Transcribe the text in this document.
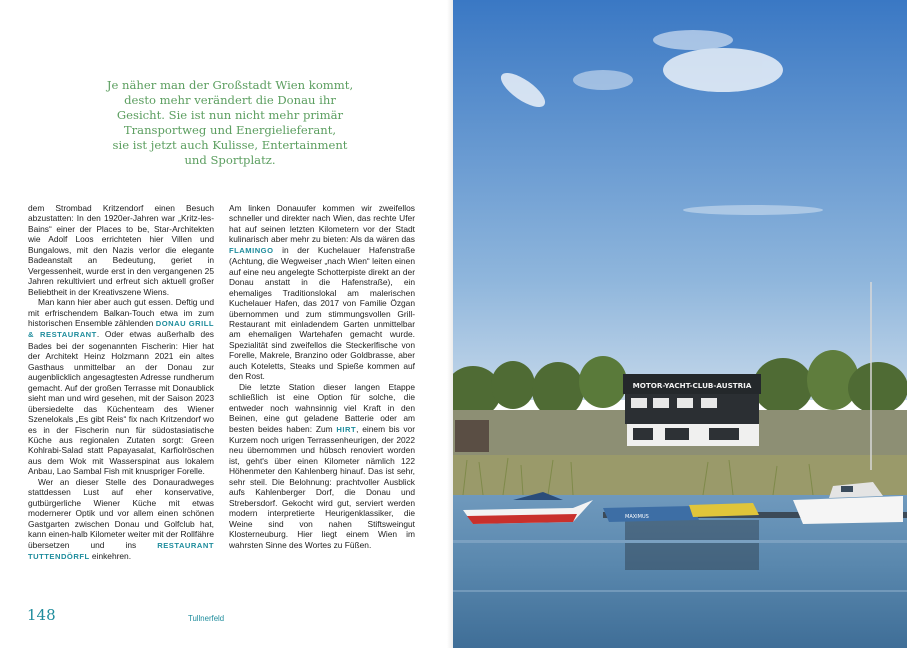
Je näher man der Großstadt Wien kommt,
desto mehr verändert die Donau ihr
Gesicht. Sie ist nun nicht mehr primär
Transportweg und Energielieferant,
sie ist jetzt auch Kulisse, Entertainment
und Sportplatz.

dem Strombad Kritzendorf einen Besuch abzustatten: In den 1920er-Jahren war „Kritz-les-Bains“ einer der Places to be, Star-Architekten wie Adolf Loos errichteten hier Villen und Bungalows, mit den Nazis verlor die elegante Badeanstalt an Bedeutung, geriet in Vergessenheit, wurde erst in den vergangenen 25 Jahren rekultiviert und erfreut sich aktuell großer Beliebtheit in der Kreativszene Wiens.

Man kann hier aber auch gut essen. Deftig und mit erfrischendem Balkan-Touch etwa im zum historischen Ensemble zählenden DONAU GRILL & RESTAURANT. Oder etwas außerhalb des Bades bei der sogenannten Fischerin: Hier hat der Architekt Heinz Holzmann 2021 ein altes Gasthaus unmittelbar an der Donau zur augenblicklich angesagtesten Adresse rundherum gemacht. Auf der großen Terrasse mit Donaublick sieht man und wird gesehen, mit der Saison 2023 übersiedelte das Küchenteam des Wiener Szenelokals „Es gibt Reis“ fix nach Kritzendorf wo es in der Fischerin nun für südostasiatische Küche aus regionalen Zutaten sorgt: Green Kohlrabi-Salad statt Papayasalat, Karfiolröschen aus dem Wok mit Wasserspinat aus lokalem Anbau, Lao Sambal Fish mit knuspriger Forelle.

Wer an dieser Stelle des Donauradweges stattdessen Lust auf eher konservative, gutbürgerliche Wiener Küche mit etwas modernerer Optik und vor allem einen schönen Gastgarten zwischen Donau und Golfclub hat, kann einen-halb Kilometer weiter mit der Rollfähre übersetzen und ins	RESTAURANT TUTTENDÖRFL einkehren.

Am linken Donauufer kommen wir zweifellos schneller und direkter nach Wien, das rechte Ufer hat auf seinen letzten Kilometern vor der Stadt kulinarisch aber mehr zu bieten: Als da wären das FLAMINGO in der Kuchelauer Hafenstraße (Achtung, die Wegweiser „nach Wien“ leiten einen auf eine neu angelegte Schotterpiste direkt an der Donau anstatt in die Hafenstraße), ein ehemaliges Traditionslokal am malerischen Kuchelauer Hafen, das 2017 von Familie Özgan übernommen und zum stimmungsvollen Grill-Restaurant mit einladendem Garten unmittelbar am ehemaligen Wartehafen gemacht wurde. Spezialität sind zweifellos die Steckerlfische von Forelle, Makrele, Branzino oder Goldbrasse, aber auch Koteletts, Steaks und Spieße kommen auf den Rost.

Die letzte Station dieser langen Etappe schließlich ist eine Option für solche, die entweder noch wahnsinnig viel Kraft in den Beinen, eine gut geladene Batterie oder am besten beides haben: Zum HIRT, einem bis vor Kurzem noch urigen Terrassenheurigen, der 2022 neu übernommen und hübsch renoviert worden ist, geht's über einen Kilometer nämlich 122 Höhenmeter den Kahlenberg hinauf. Das ist sehr, sehr steil. Die Belohnung: prachtvoller Ausblick aufs Kahlenberger Dorf, die Donau und Strebersdorf. Gekocht wird gut, serviert werden modern interpretierte Heurigenklassiker, die Weine sind von nahen Stiftsweingut Klosterneuburg. Hier liegt einem Wien im wahrsten Sinne des Wortes zu Füßen.

148	Tullnerfeld
MOTOR-YACHT-CLUB-AUSTRIA
MAXIMUS
